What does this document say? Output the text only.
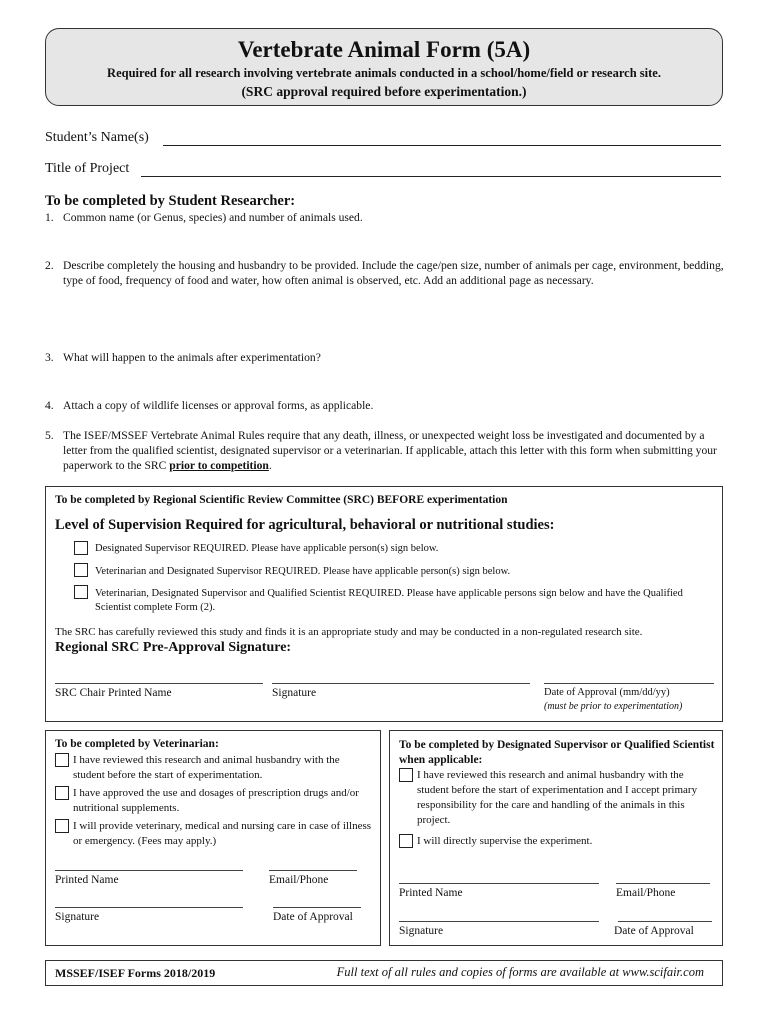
Vertebrate Animal Form (5A)
Required for all research involving vertebrate animals conducted in a school/home/field or research site.
(SRC approval required before experimentation.)
Student’s Name(s)
Title of Project
To be completed by Student Researcher:
1. Common name (or Genus, species) and number of animals used.
2. Describe completely the housing and husbandry to be provided. Include the cage/pen size, number of animals per cage, environment, bedding, type of food, frequency of food and water, how often animal is observed, etc. Add an additional page as necessary.
3. What will happen to the animals after experimentation?
4. Attach a copy of wildlife licenses or approval forms, as applicable.
5. The ISEF/MSSEF Vertebrate Animal Rules require that any death, illness, or unexpected weight loss be investigated and documented by a letter from the qualified scientist, designated supervisor or a veterinarian. If applicable, attach this letter with this form when submitting your paperwork to the SRC prior to competition.
To be completed by Regional Scientific Review Committee (SRC) BEFORE experimentation
Level of Supervision Required for agricultural, behavioral or nutritional studies:
Designated Supervisor REQUIRED. Please have applicable person(s) sign below.
Veterinarian and Designated Supervisor REQUIRED. Please have applicable person(s) sign below.
Veterinarian, Designated Supervisor and Qualified Scientist REQUIRED. Please have applicable persons sign below and have the Qualified Scientist complete Form (2).
The SRC has carefully reviewed this study and finds it is an appropriate study and may be conducted in a non-regulated research site.
Regional SRC Pre-Approval Signature:
SRC Chair Printed Name	Signature	Date of Approval (mm/dd/yy)
(must be prior to experimentation)
To be completed by Veterinarian:
I have reviewed this research and animal husbandry with the student before the start of experimentation.
I have approved the use and dosages of prescription drugs and/or nutritional supplements.
I will provide veterinary, medical and nursing care in case of illness or emergency. (Fees may apply.)
Printed Name	Email/Phone
Signature	Date of Approval
To be completed by Designated Supervisor or Qualified Scientist when applicable:
I have reviewed this research and animal husbandry with the student before the start of experimentation and I accept primary responsibility for the care and handling of the animals in this project.
I will directly supervise the experiment.
Printed Name	Email/Phone
Signature	Date of Approval
MSSEF/ISEF Forms 2018/2019	Full text of all rules and copies of forms are available at www.scifair.com
